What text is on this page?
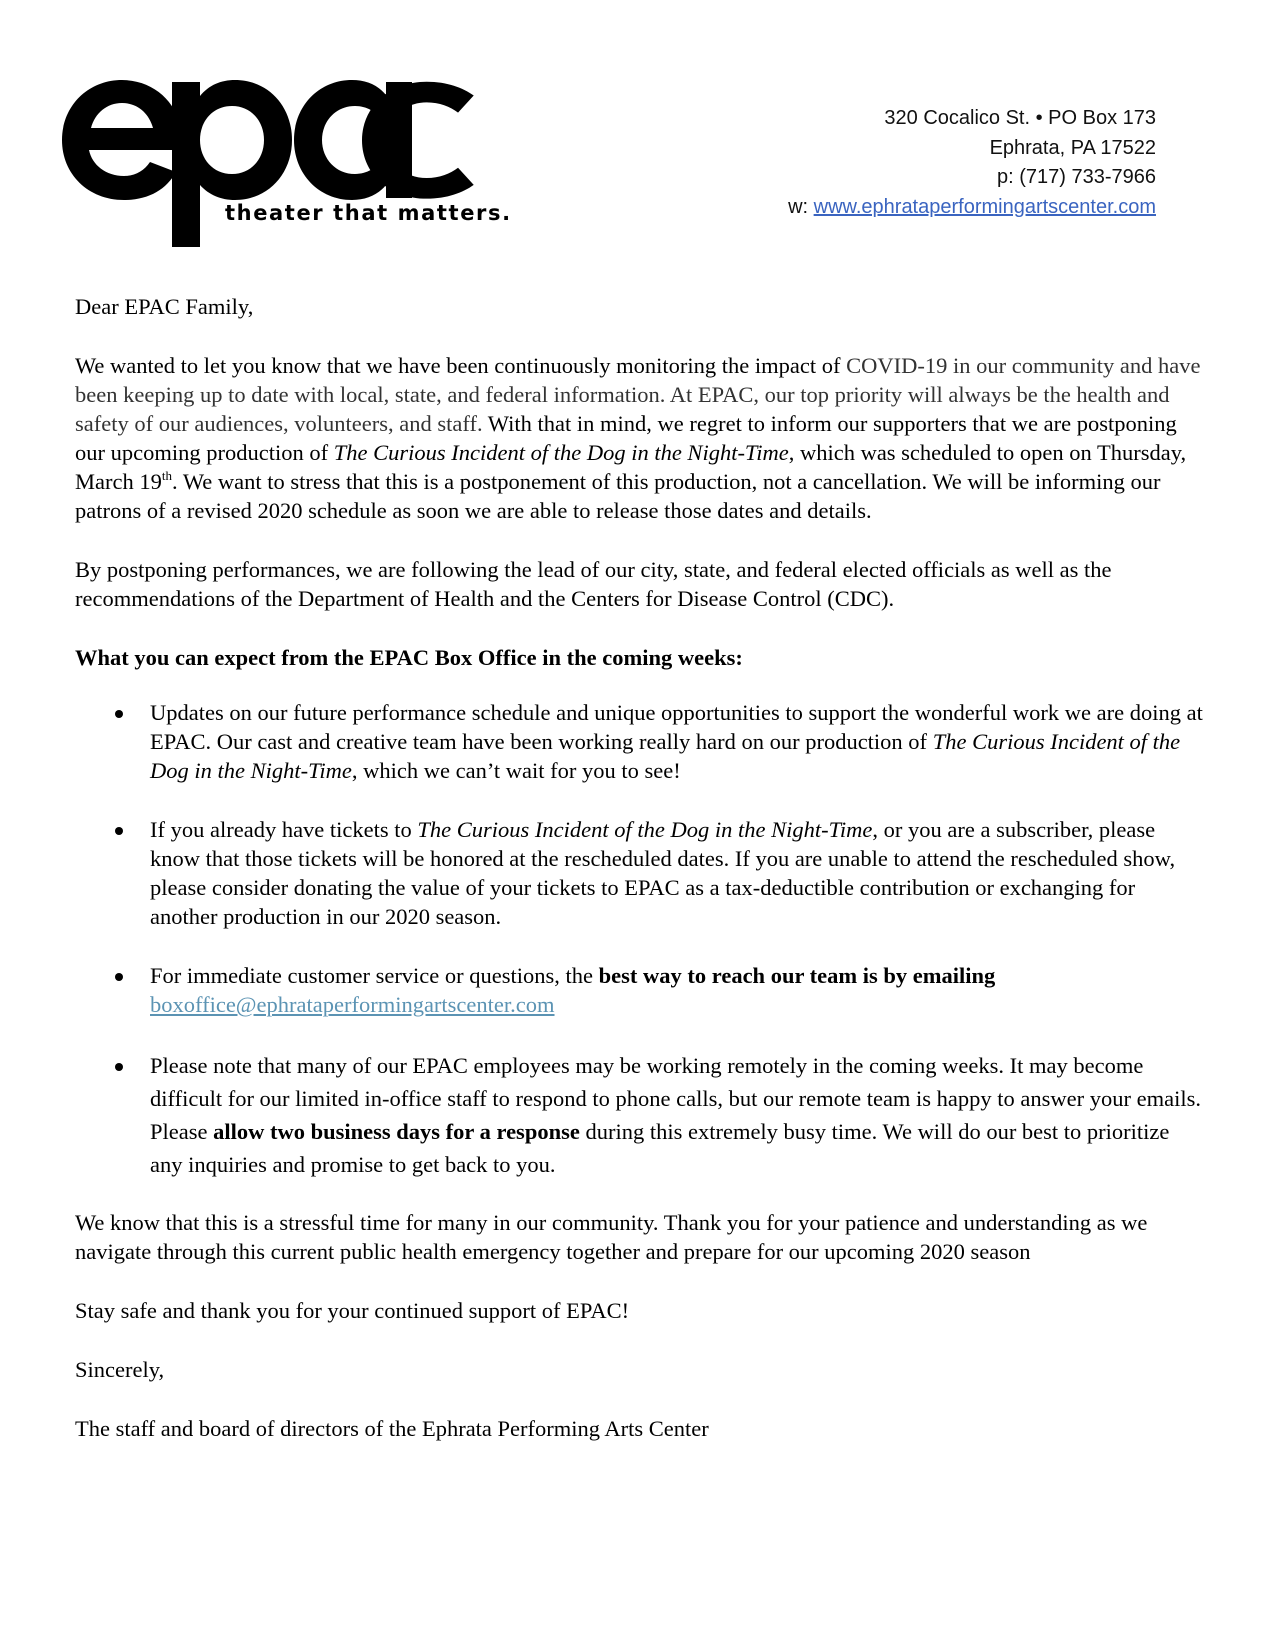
theater that matters.
320 Cocalico St. • PO Box 173
Ephrata, PA 17522
p: (717) 733-7966
w: www.ephrataperformingartscenter.com

Dear EPAC Family,

We wanted to let you know that we have been continuously monitoring the impact of COVID-19 in our community and have been keeping up to date with local, state, and federal information. At EPAC, our top priority will always be the health and safety of our audiences, volunteers, and staff. With that in mind, we regret to inform our supporters that we are postponing our upcoming production of The Curious Incident of the Dog in the Night-Time, which was scheduled to open on Thursday, March 19th. We want to stress that this is a postponement of this production, not a cancellation. We will be informing our patrons of a revised 2020 schedule as soon we are able to release those dates and details.

By postponing performances, we are following the lead of our city, state, and federal elected officials as well as the recommendations of the Department of Health and the Centers for Disease Control (CDC).

What you can expect from the EPAC Box Office in the coming weeks:

Updates on our future performance schedule and unique opportunities to support the wonderful work we are doing at EPAC. Our cast and creative team have been working really hard on our production of The Curious Incident of the Dog in the Night-Time, which we can’t wait for you to see!
If you already have tickets to The Curious Incident of the Dog in the Night-Time, or you are a subscriber, please know that those tickets will be honored at the rescheduled dates. If you are unable to attend the rescheduled show, please consider donating the value of your tickets to EPAC as a tax-deductible contribution or exchanging for another production in our 2020 season.
For immediate customer service or questions, the best way to reach our team is by emailing
boxoffice@ephrataperformingartscenter.com
Please note that many of our EPAC employees may be working remotely in the coming weeks. It may become difficult for our limited in-office staff to respond to phone calls, but our remote team is happy to answer your emails. Please allow two business days for a response during this extremely busy time. We will do our best to prioritize any inquiries and promise to get back to you.

We know that this is a stressful time for many in our community. Thank you for your patience and understanding as we navigate through this current public health emergency together and prepare for our upcoming 2020 season

Stay safe and thank you for your continued support of EPAC!

Sincerely,

The staff and board of directors of the Ephrata Performing Arts Center
